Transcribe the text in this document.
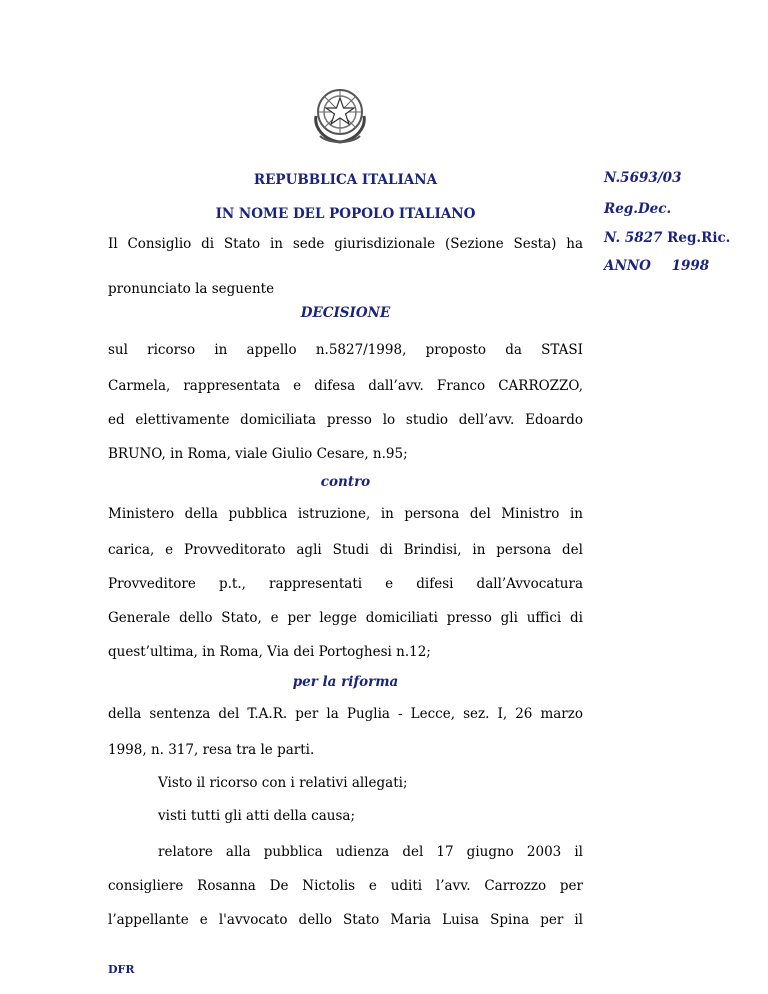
REPUBBLICA ITALIANA
IN NOME DEL POPOLO ITALIANO
N.5693/03
Reg.Dec.
N. 5827 Reg.Ric.
ANNO 1998
Il Consiglio di Stato in sede giurisdizionale (Sezione Sesta) ha
pronunciato la seguente
DECISIONE
sul ricorso in appello n.5827/1998, proposto da STASI
Carmela, rappresentata e difesa dall’avv. Franco CARROZZO,
ed elettivamente domiciliata presso lo studio dell’avv. Edoardo
BRUNO, in Roma, viale Giulio Cesare, n.95;
contro
Ministero della pubblica istruzione, in persona del Ministro in
carica, e Provveditorato agli Studi di Brindisi, in persona del
Provveditore p.t., rappresentati e difesi dall’Avvocatura
Generale dello Stato, e per legge domiciliati presso gli uffici di
quest’ultima, in Roma, Via dei Portoghesi n.12;
per la riforma
della sentenza del T.A.R. per la Puglia - Lecce, sez. I, 26 marzo
1998, n. 317, resa tra le parti.
Visto il ricorso con i relativi allegati;
visti tutti gli atti della causa;
relatore alla pubblica udienza del 17 giugno 2003 il
consigliere Rosanna De Nictolis e uditi l’avv. Carrozzo per
l’appellante e l'avvocato dello Stato Maria Luisa Spina per il
DFR
